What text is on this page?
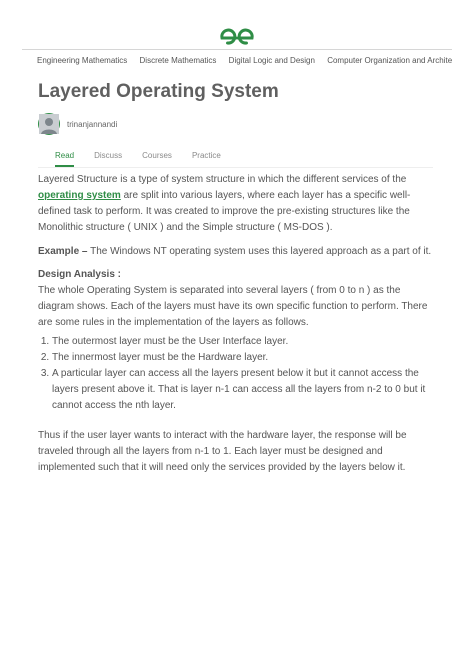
Engineering Mathematics Discrete Mathematics Digital Logic and Design Computer Organization and Archite
Layered Operating System
trinanjannandi
Read	Discuss	Courses	Practice

Layered Structure is a type of system structure in which the different services of the operating system are split into various layers, where each layer has a specific well-defined task to perform. It was created to improve the pre-existing structures like the Monolithic structure ( UNIX ) and the Simple structure ( MS-DOS ).

Example – The Windows NT operating system uses this layered approach as a part of it.

Design Analysis :

The whole Operating System is separated into several layers ( from 0 to n ) as the diagram shows. Each of the layers must have its own specific function to perform. There are some rules in the implementation of the layers as follows.

1. The outermost layer must be the User Interface layer.
2. The innermost layer must be the Hardware layer.
3. A particular layer can access all the layers present below it but it cannot access the layers present above it. That is layer n-1 can access all the layers from n-2 to 0 but it cannot access the nth layer.

Thus if the user layer wants to interact with the hardware layer, the response will be traveled through all the layers from n-1 to 1. Each layer must be designed and implemented such that it will need only the services provided by the layers below it.
